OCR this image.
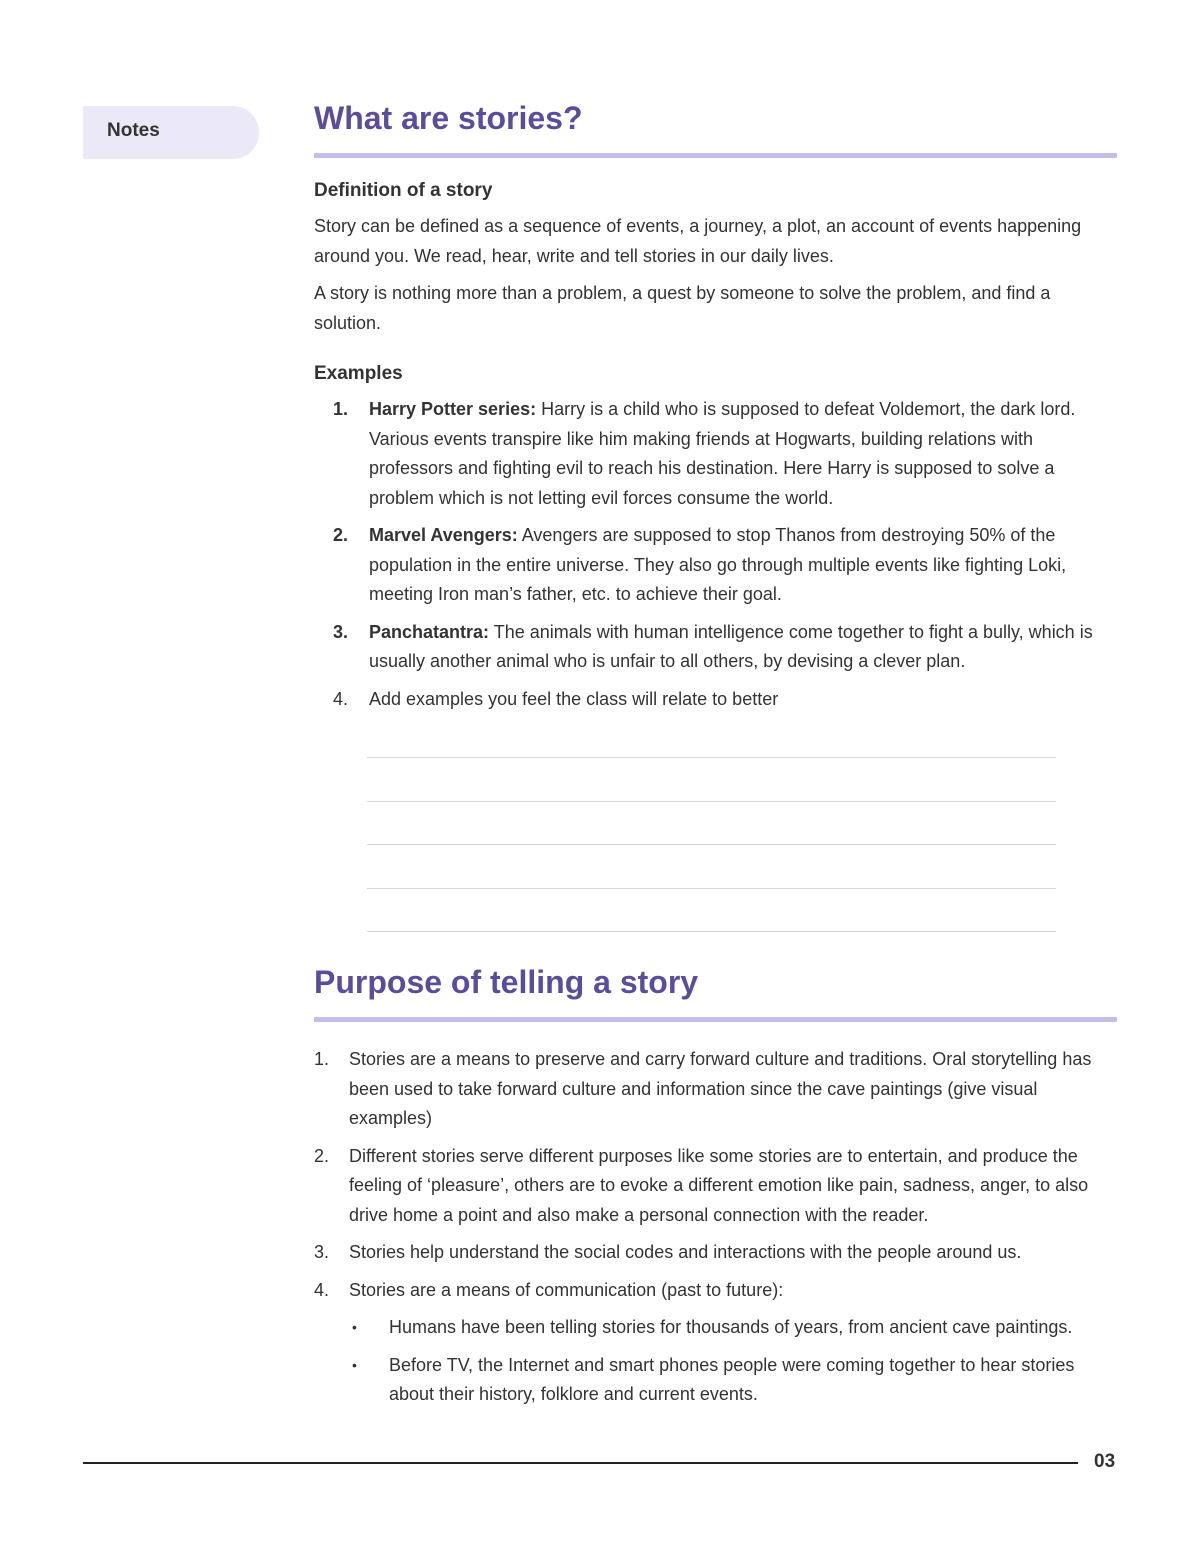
Notes	What are stories?
Definition of a story

Story can be defined as a sequence of events, a journey, a plot, an account of events happening around you. We read, hear, write and tell stories in our daily lives.

A story is nothing more than a problem, a quest by someone to solve the problem, and find a solution.

Examples
1. Harry Potter series: Harry is a child who is supposed to defeat Voldemort, the dark lord. Various events transpire like him making friends at Hogwarts, building relations with professors and fighting evil to reach his destination. Here Harry is supposed to solve a problem which is not letting evil forces consume the world.
2. Marvel Avengers: Avengers are supposed to stop Thanos from destroying 50% of the population in the entire universe. They also go through multiple events like fighting Loki, meeting Iron man’s father, etc. to achieve their goal.
3. Panchatantra: The animals with human intelligence come together to fight a bully, which is usually another animal who is unfair to all others, by devising a clever plan.
4. Add examples you feel the class will relate to better
Purpose of telling a story
1. Stories are a means to preserve and carry forward culture and traditions. Oral storytelling has been used to take forward culture and information since the cave paintings (give visual examples)
2. Different stories serve different purposes like some stories are to entertain, and produce the feeling of ‘pleasure’, others are to evoke a different emotion like pain, sadness, anger, to also drive home a point and also make a personal connection with the reader.
3. Stories help understand the social codes and interactions with the people around us.
4. Stories are a means of communication (past to future):
• Humans have been telling stories for thousands of years, from ancient cave paintings.
• Before TV, the Internet and smart phones people were coming together to hear stories about their history, folklore and current events.
03
